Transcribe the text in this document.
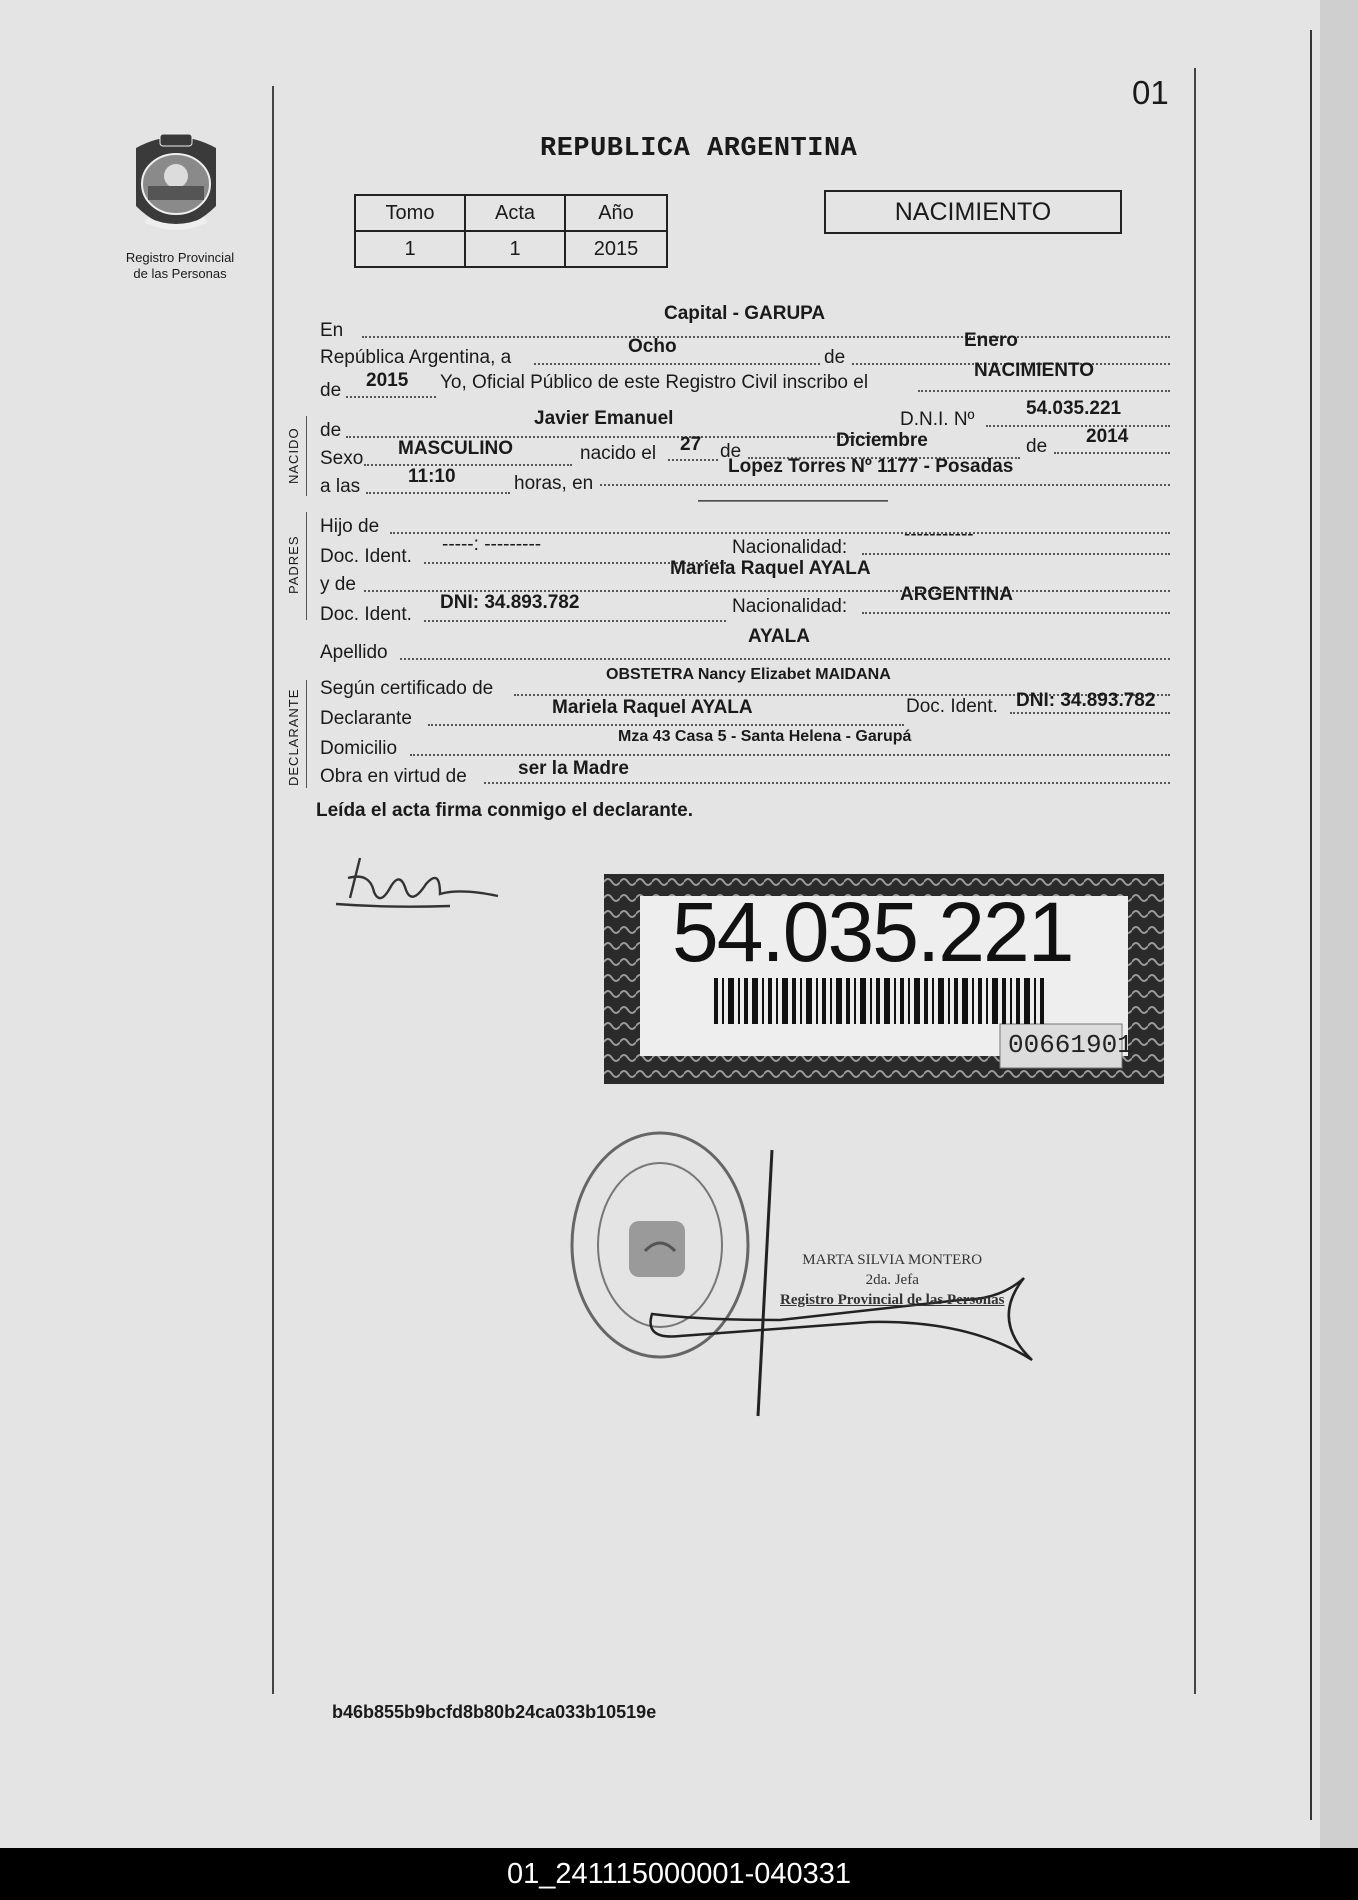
01
Registro Provincial
de las Personas
REPUBLICA ARGENTINA
Tomo	Acta	Año
1	1	2015
NACIMIENTO
En
Capital - GARUPA
República Argentina, a
Ocho
de
Enero
de 2015 Yo, Oficial Público de este Registro Civil inscribo el
NACIMIENTO
NACIDO de
Javier Emanuel	D.N.I. Nº
54.035.221
Sexo MASCULINO	nacido el 27 de
Diciembre	de 2014
a las	11:10	horas, en
Lopez Torres Nº 1177 - Posadas
PADRES
Hijo de
——————————
Doc. Ident.
-----: ---------	Nacionalidad:
-----------
y de
Mariela Raquel AYALA
Doc. Ident.
DNI: 34.893.782	Nacionalidad:
ARGENTINA
Apellido
AYALA
DECLARANTE
Según certificado de
OBSTETRA Nancy Elizabet MAIDANA
Declarante
Mariela Raquel AYALA	Doc. Ident. DNI: 34.893.782
Domicilio
Mza 43 Casa 5 - Santa Helena - Garupá
Obra en virtud de	ser la Madre
Leída el acta firma conmigo el declarante.
54.035.221
00661901
MARTA SILVIA MONTERO
2da. Jefa
Registro Provincial de las Personas
b46b855b9bcfd8b80b24ca033b10519e
01_241115000001-040331
